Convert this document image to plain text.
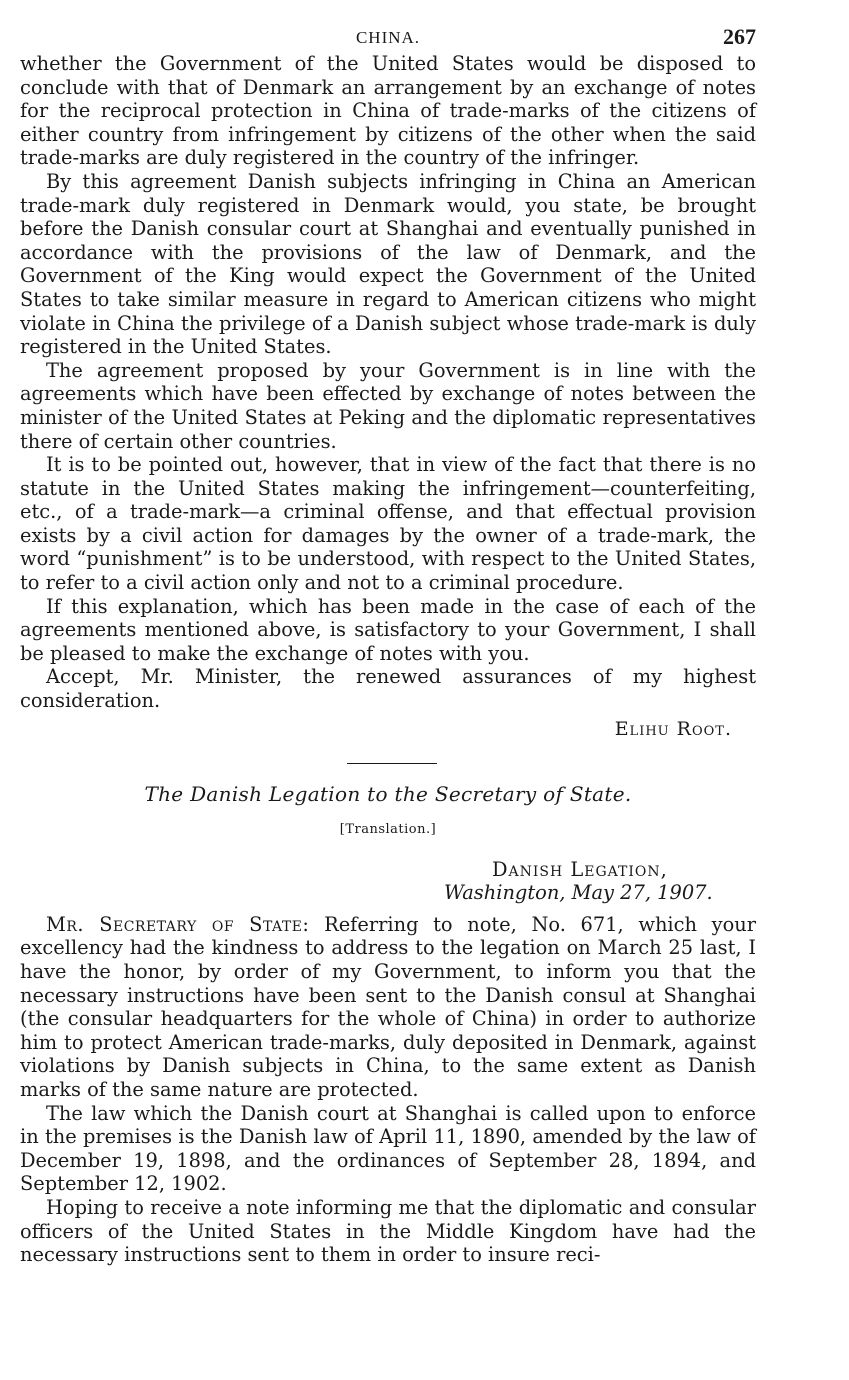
CHINA.	267

whether the Government of the United States would be disposed to conclude with that of Denmark an arrangement by an exchange of notes for the reciprocal protection in China of trade-marks of the citizens of either country from infringement by citizens of the other when the said trade-marks are duly registered in the country of the infringer.

By this agreement Danish subjects infringing in China an American trade-mark duly registered in Denmark would, you state, be brought before the Danish consular court at Shanghai and eventually punished in accordance with the provisions of the law of Denmark, and the Government of the King would expect the Government of the United States to take similar measure in regard to American citizens who might violate in China the privilege of a Danish subject whose trade-mark is duly registered in the United States.

The agreement proposed by your Government is in line with the agreements which have been effected by exchange of notes between the minister of the United States at Peking and the diplomatic representatives there of certain other countries.

It is to be pointed out, however, that in view of the fact that there is no statute in the United States making the infringement—counterfeiting, etc., of a trade-mark—a criminal offense, and that effectual provision exists by a civil action for damages by the owner of a trade-mark, the word “punishment” is to be understood, with respect to the United States, to refer to a civil action only and not to a criminal procedure.

If this explanation, which has been made in the case of each of the agreements mentioned above, is satisfactory to your Government, I shall be pleased to make the exchange of notes with you.

Accept, Mr. Minister, the renewed assurances of my highest consideration.

Elihu Root.
The Danish Legation to the Secretary of State.
[Translation.]
Danish Legation,
Washington, May 27, 1907.

Mr. Secretary of State: Referring to note, No. 671, which your excellency had the kindness to address to the legation on March 25 last, I have the honor, by order of my Government, to inform you that the necessary instructions have been sent to the Danish consul at Shanghai (the consular headquarters for the whole of China) in order to authorize him to protect American trade-marks, duly deposited in Denmark, against violations by Danish subjects in China, to the same extent as Danish marks of the same nature are protected.

The law which the Danish court at Shanghai is called upon to enforce in the premises is the Danish law of April 11, 1890, amended by the law of December 19, 1898, and the ordinances of September 28, 1894, and September 12, 1902.

Hoping to receive a note informing me that the diplomatic and consular officers of the United States in the Middle Kingdom have had the necessary instructions sent to them in order to insure reci-
